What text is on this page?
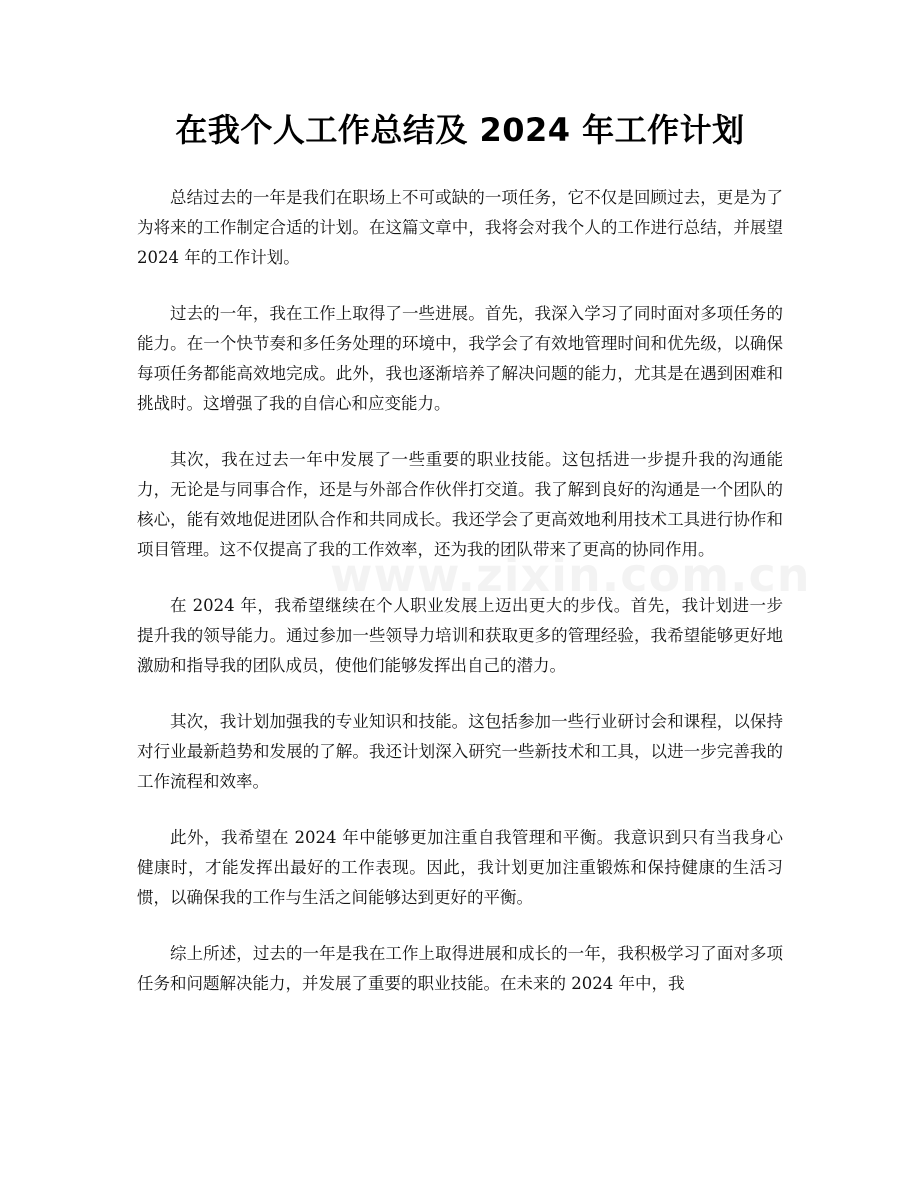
在我个人工作总结及 2024 年工作计划

总结过去的一年是我们在职场上不可或缺的一项任务，它不仅是回顾过去，更是为了为将来的工作制定合适的计划。在这篇文章中，我将会对我个人的工作进行总结，并展望 2024 年的工作计划。

过去的一年，我在工作上取得了一些进展。首先，我深入学习了同时面对多项任务的能力。在一个快节奏和多任务处理的环境中，我学会了有效地管理时间和优先级，以确保每项任务都能高效地完成。此外，我也逐渐培养了解决问题的能力，尤其是在遇到困难和挑战时。这增强了我的自信心和应变能力。

其次，我在过去一年中发展了一些重要的职业技能。这包括进一步提升我的沟通能力，无论是与同事合作，还是与外部合作伙伴打交道。我了解到良好的沟通是一个团队的核心，能有效地促进团队合作和共同成长。我还学会了更高效地利用技术工具进行协作和项目管理。这不仅提高了我的工作效率，还为我的团队带来了更高的协同作用。

在 2024 年，我希望继续在个人职业发展上迈出更大的步伐。首先，我计划进一步提升我的领导能力。通过参加一些领导力培训和获取更多的管理经验，我希望能够更好地激励和指导我的团队成员，使他们能够发挥出自己的潜力。

其次，我计划加强我的专业知识和技能。这包括参加一些行业研讨会和课程，以保持对行业最新趋势和发展的了解。我还计划深入研究一些新技术和工具，以进一步完善我的工作流程和效率。

此外，我希望在 2024 年中能够更加注重自我管理和平衡。我意识到只有当我身心健康时，才能发挥出最好的工作表现。因此，我计划更加注重锻炼和保持健康的生活习惯，以确保我的工作与生活之间能够达到更好的平衡。

综上所述，过去的一年是我在工作上取得进展和成长的一年，我积极学习了面对多项任务和问题解决能力，并发展了重要的职业技能。在未来的 2024 年中，我
